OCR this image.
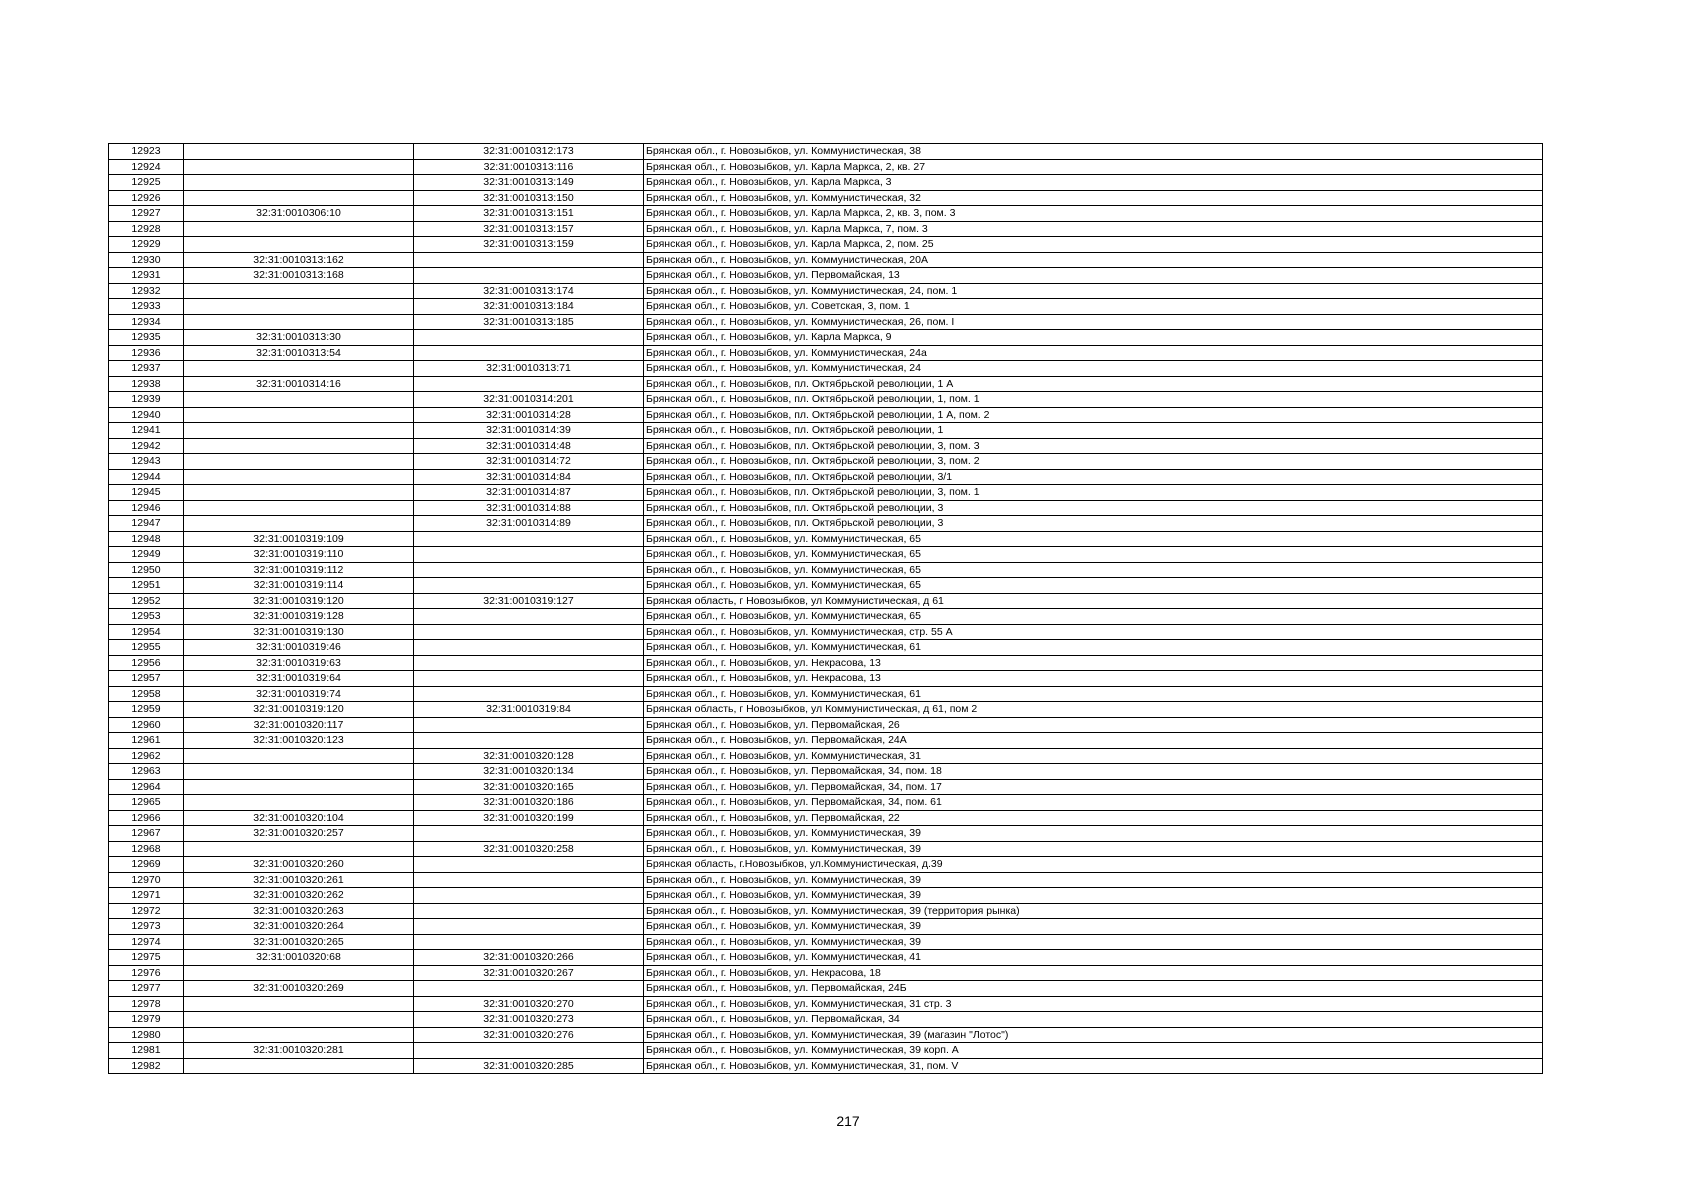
12923		32:31:0010312:173	Брянская обл., г. Новозыбков, ул. Коммунистическая, 38
12924		32:31:0010313:116	Брянская обл., г. Новозыбков, ул. Карла Маркса, 2, кв. 27
12925		32:31:0010313:149	Брянская обл., г. Новозыбков, ул. Карла Маркса, 3
12926		32:31:0010313:150	Брянская обл., г. Новозыбков, ул. Коммунистическая, 32
12927	32:31:0010306:10	32:31:0010313:151	Брянская обл., г. Новозыбков, ул. Карла Маркса, 2, кв. 3, пом. 3
12928		32:31:0010313:157	Брянская обл., г. Новозыбков, ул. Карла Маркса, 7, пом. 3
12929		32:31:0010313:159	Брянская обл., г. Новозыбков, ул. Карла Маркса, 2, пом. 25
12930	32:31:0010313:162		Брянская обл., г. Новозыбков, ул. Коммунистическая, 20А
12931	32:31:0010313:168		Брянская обл., г. Новозыбков, ул. Первомайская, 13
12932		32:31:0010313:174	Брянская обл., г. Новозыбков, ул. Коммунистическая, 24, пом. 1
12933		32:31:0010313:184	Брянская обл., г. Новозыбков, ул. Советская, 3, пом. 1
12934		32:31:0010313:185	Брянская обл., г. Новозыбков, ул. Коммунистическая, 26, пом. I
12935	32:31:0010313:30		Брянская обл., г. Новозыбков, ул. Карла Маркса, 9
12936	32:31:0010313:54		Брянская обл., г. Новозыбков, ул. Коммунистическая, 24а
12937		32:31:0010313:71	Брянская обл., г. Новозыбков, ул. Коммунистическая, 24
12938	32:31:0010314:16		Брянская обл., г. Новозыбков, пл. Октябрьской революции, 1 А
12939		32:31:0010314:201	Брянская обл., г. Новозыбков, пл. Октябрьской революции, 1, пом. 1
12940		32:31:0010314:28	Брянская обл., г. Новозыбков, пл. Октябрьской революции, 1 А, пом. 2
12941		32:31:0010314:39	Брянская обл., г. Новозыбков, пл. Октябрьской революции, 1
12942		32:31:0010314:48	Брянская обл., г. Новозыбков, пл. Октябрьской революции, 3, пом. 3
12943		32:31:0010314:72	Брянская обл., г. Новозыбков, пл. Октябрьской революции, 3, пом. 2
12944		32:31:0010314:84	Брянская обл., г. Новозыбков, пл. Октябрьской революции, 3/1
12945		32:31:0010314:87	Брянская обл., г. Новозыбков, пл. Октябрьской революции, 3, пом. 1
12946		32:31:0010314:88	Брянская обл., г. Новозыбков, пл. Октябрьской революции, 3
12947		32:31:0010314:89	Брянская обл., г. Новозыбков, пл. Октябрьской революции, 3
12948	32:31:0010319:109		Брянская обл., г. Новозыбков, ул. Коммунистическая, 65
12949	32:31:0010319:110		Брянская обл., г. Новозыбков, ул. Коммунистическая, 65
12950	32:31:0010319:112		Брянская обл., г. Новозыбков, ул. Коммунистическая, 65
12951	32:31:0010319:114		Брянская обл., г. Новозыбков, ул. Коммунистическая, 65
12952	32:31:0010319:120	32:31:0010319:127	Брянская область, г Новозыбков, ул Коммунистическая, д 61
12953	32:31:0010319:128		Брянская обл., г. Новозыбков, ул. Коммунистическая, 65
12954	32:31:0010319:130		Брянская обл., г. Новозыбков, ул. Коммунистическая, стр. 55 А
12955	32:31:0010319:46		Брянская обл., г. Новозыбков, ул. Коммунистическая, 61
12956	32:31:0010319:63		Брянская обл., г. Новозыбков, ул. Некрасова, 13
12957	32:31:0010319:64		Брянская обл., г. Новозыбков, ул. Некрасова, 13
12958	32:31:0010319:74		Брянская обл., г. Новозыбков, ул. Коммунистическая, 61
12959	32:31:0010319:120	32:31:0010319:84	Брянская область, г Новозыбков, ул Коммунистическая, д 61, пом 2
12960	32:31:0010320:117		Брянская обл., г. Новозыбков, ул. Первомайская, 26
12961	32:31:0010320:123		Брянская обл., г. Новозыбков, ул. Первомайская, 24А
12962		32:31:0010320:128	Брянская обл., г. Новозыбков, ул. Коммунистическая, 31
12963		32:31:0010320:134	Брянская обл., г. Новозыбков, ул. Первомайская, 34, пом. 18
12964		32:31:0010320:165	Брянская обл., г. Новозыбков, ул. Первомайская, 34, пом. 17
12965		32:31:0010320:186	Брянская обл., г. Новозыбков, ул. Первомайская, 34, пом. 61
12966	32:31:0010320:104	32:31:0010320:199	Брянская обл., г. Новозыбков, ул. Первомайская, 22
12967	32:31:0010320:257		Брянская обл., г. Новозыбков, ул. Коммунистическая, 39
12968		32:31:0010320:258	Брянская обл., г. Новозыбков, ул. Коммунистическая, 39
12969	32:31:0010320:260		Брянская область, г.Новозыбков, ул.Коммунистическая, д.39
12970	32:31:0010320:261		Брянская обл., г. Новозыбков, ул. Коммунистическая, 39
12971	32:31:0010320:262		Брянская обл., г. Новозыбков, ул. Коммунистическая, 39
12972	32:31:0010320:263		Брянская обл., г. Новозыбков, ул. Коммунистическая, 39 (территория рынка)
12973	32:31:0010320:264		Брянская обл., г. Новозыбков, ул. Коммунистическая, 39
12974	32:31:0010320:265		Брянская обл., г. Новозыбков, ул. Коммунистическая, 39
12975	32:31:0010320:68	32:31:0010320:266	Брянская обл., г. Новозыбков, ул. Коммунистическая, 41
12976		32:31:0010320:267	Брянская обл., г. Новозыбков, ул. Некрасова, 18
12977	32:31:0010320:269		Брянская обл., г. Новозыбков, ул. Первомайская, 24Б
12978		32:31:0010320:270	Брянская обл., г. Новозыбков, ул. Коммунистическая, 31 стр. 3
12979		32:31:0010320:273	Брянская обл., г. Новозыбков, ул. Первомайская, 34
12980		32:31:0010320:276	Брянская обл., г. Новозыбков, ул. Коммунистическая, 39 (магазин "Лотос")
12981	32:31:0010320:281		Брянская обл., г. Новозыбков, ул. Коммунистическая, 39 корп. А
12982		32:31:0010320:285	Брянская обл., г. Новозыбков, ул. Коммунистическая, 31, пом. V
217
